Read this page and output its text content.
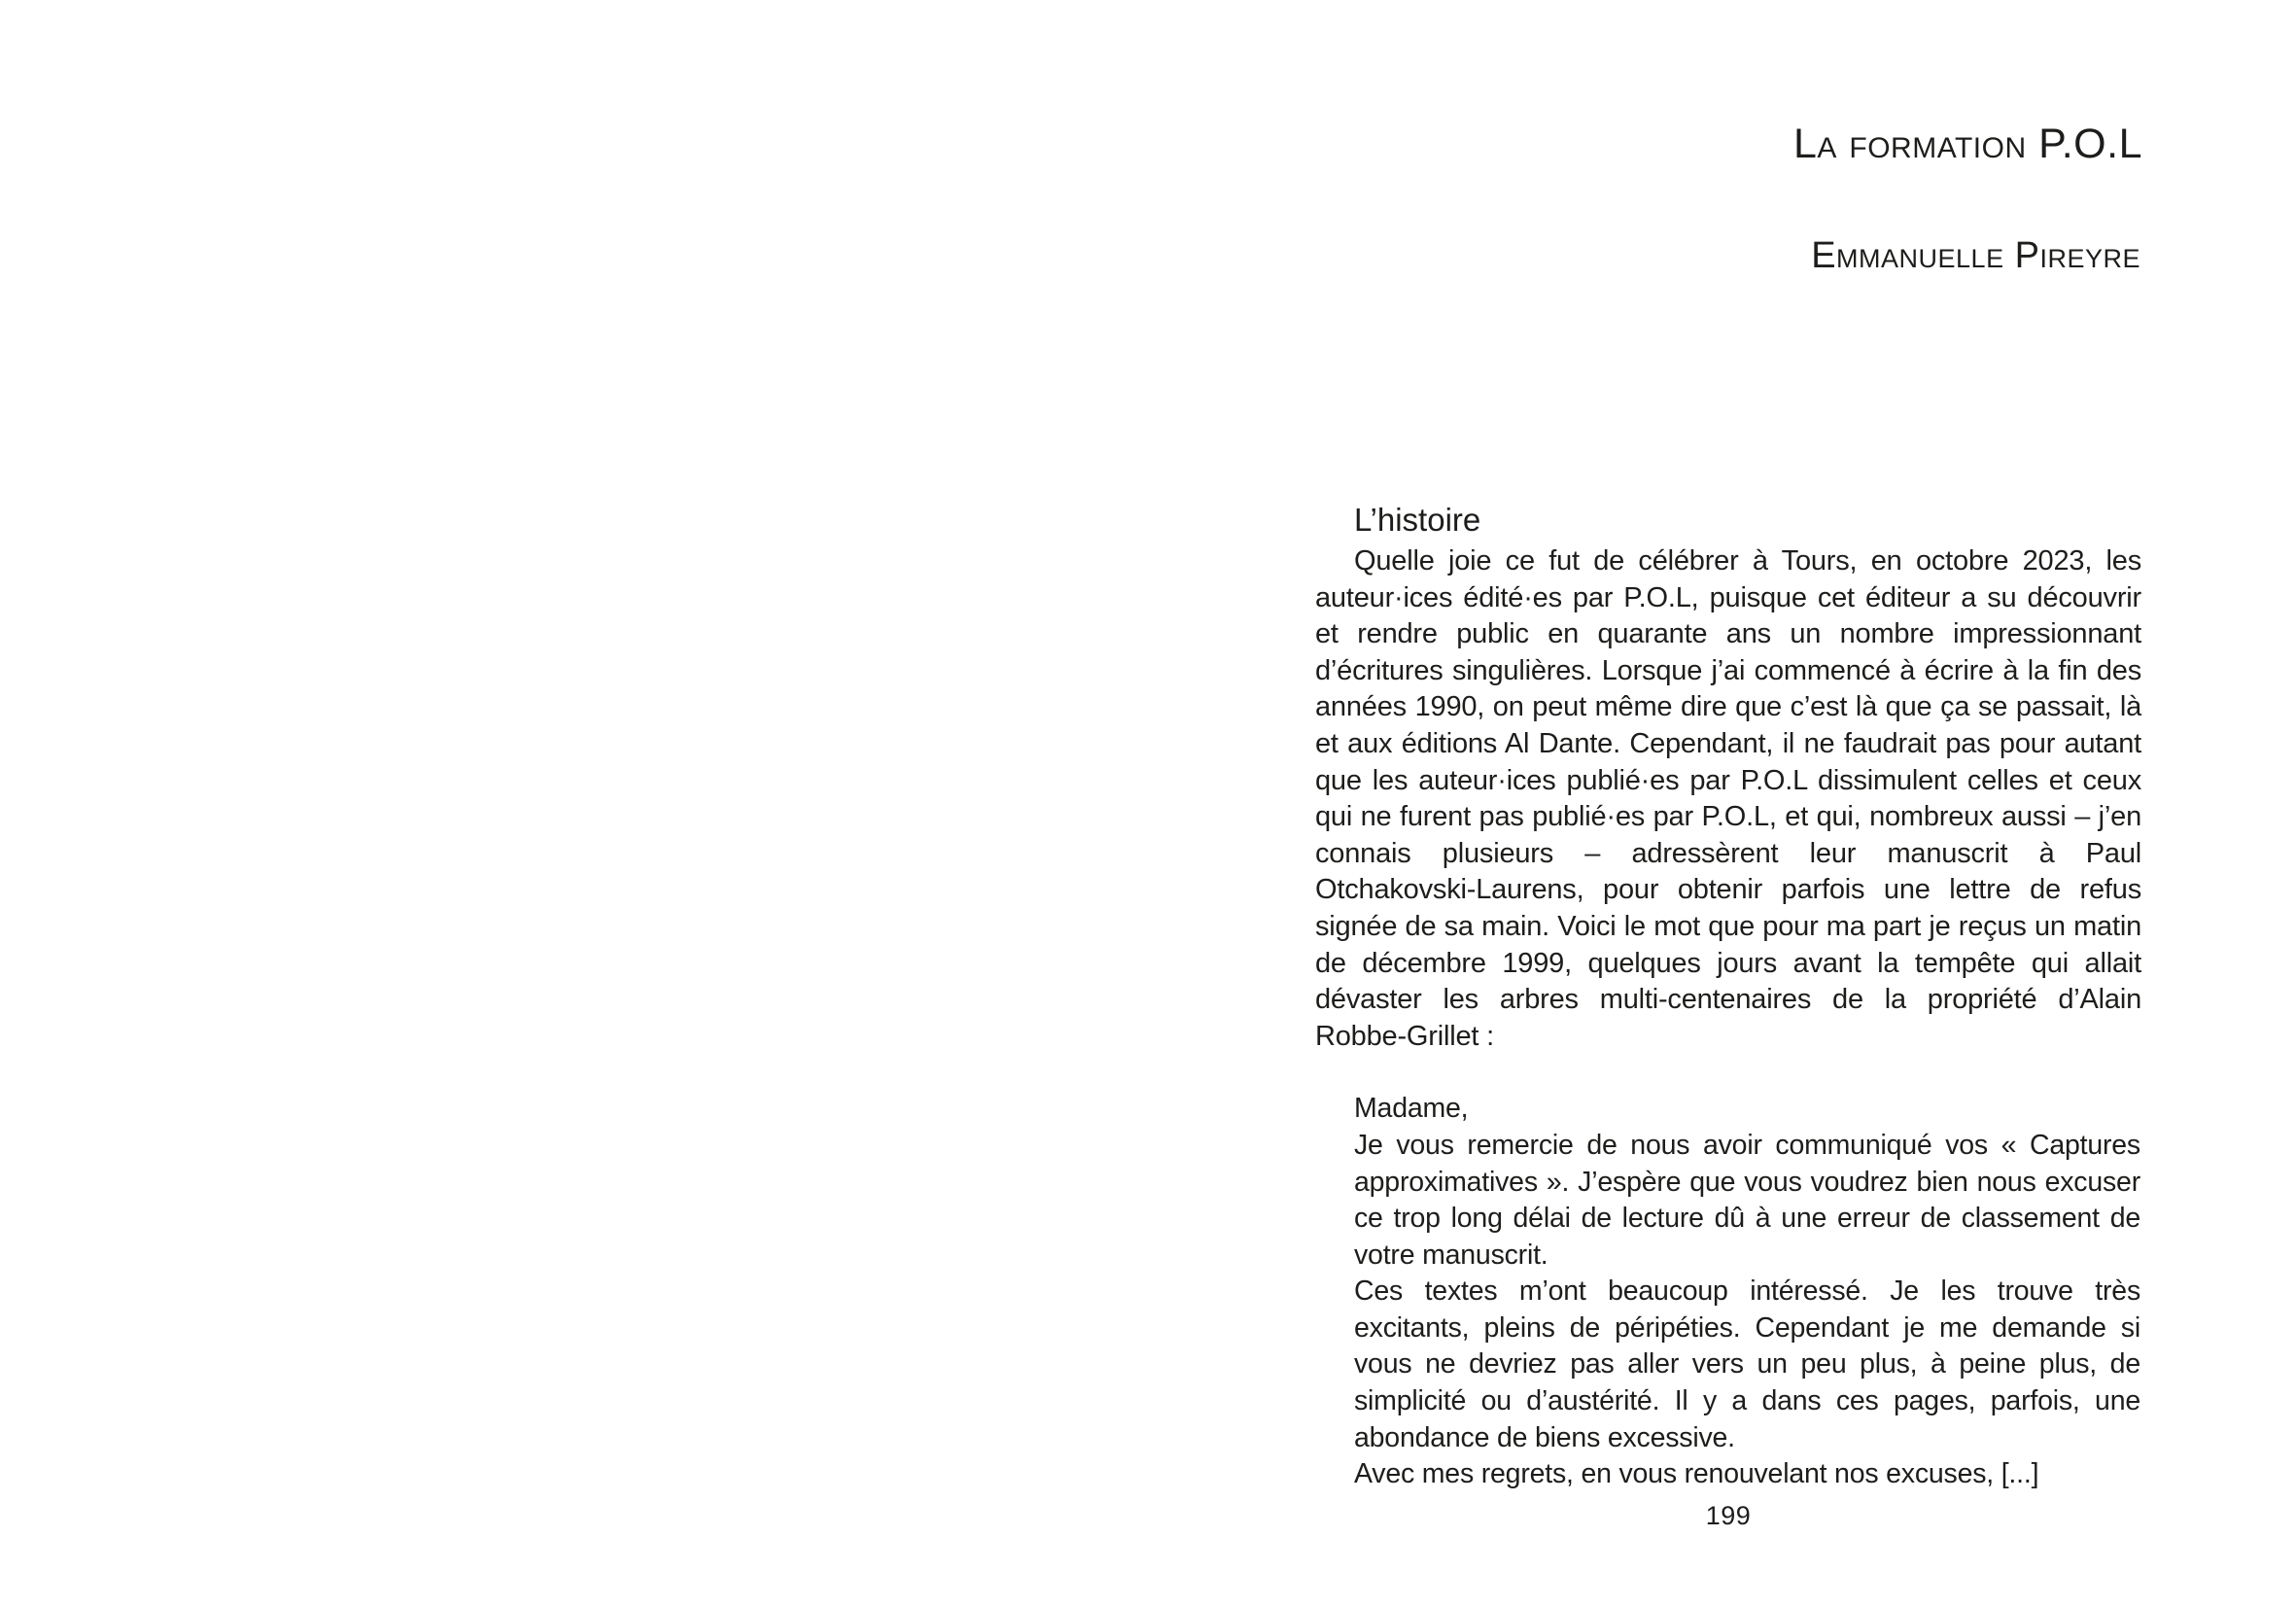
La formation P.O.L
Emmanuelle Pireyre
L’histoire

Quelle joie ce fut de célébrer à Tours, en octobre 2023, les auteur·ices édité·es par P.O.L, puisque cet éditeur a su découvrir et rendre public en quarante ans un nombre impressionnant d’écritures singulières. Lorsque j’ai commencé à écrire à la fin des années 1990, on peut même dire que c’est là que ça se passait, là et aux éditions Al Dante. Cependant, il ne faudrait pas pour autant que les auteur·ices publié·es par P.O.L dissimulent celles et ceux qui ne furent pas publié·es par P.O.L, et qui, nombreux aussi – j’en connais plusieurs – adressèrent leur manuscrit à Paul Otchakovski-Laurens, pour obtenir parfois une lettre de refus signée de sa main. Voici le mot que pour ma part je reçus un matin de décembre 1999, quelques jours avant la tempête qui allait dévaster les arbres multi-centenaires de la propriété d’Alain Robbe-Grillet :

Madame,

Je vous remercie de nous avoir communiqué vos « Captures approximatives ». J’espère que vous voudrez bien nous excuser ce trop long délai de lecture dû à une erreur de classement de votre manuscrit.

Ces textes m’ont beaucoup intéressé. Je les trouve très excitants, pleins de péripéties. Cependant je me demande si vous ne devriez pas aller vers un peu plus, à peine plus, de simplicité ou d’austérité. Il y a dans ces pages, parfois, une abondance de biens excessive.

Avec mes regrets, en vous renouvelant nos excuses, [...]

199
